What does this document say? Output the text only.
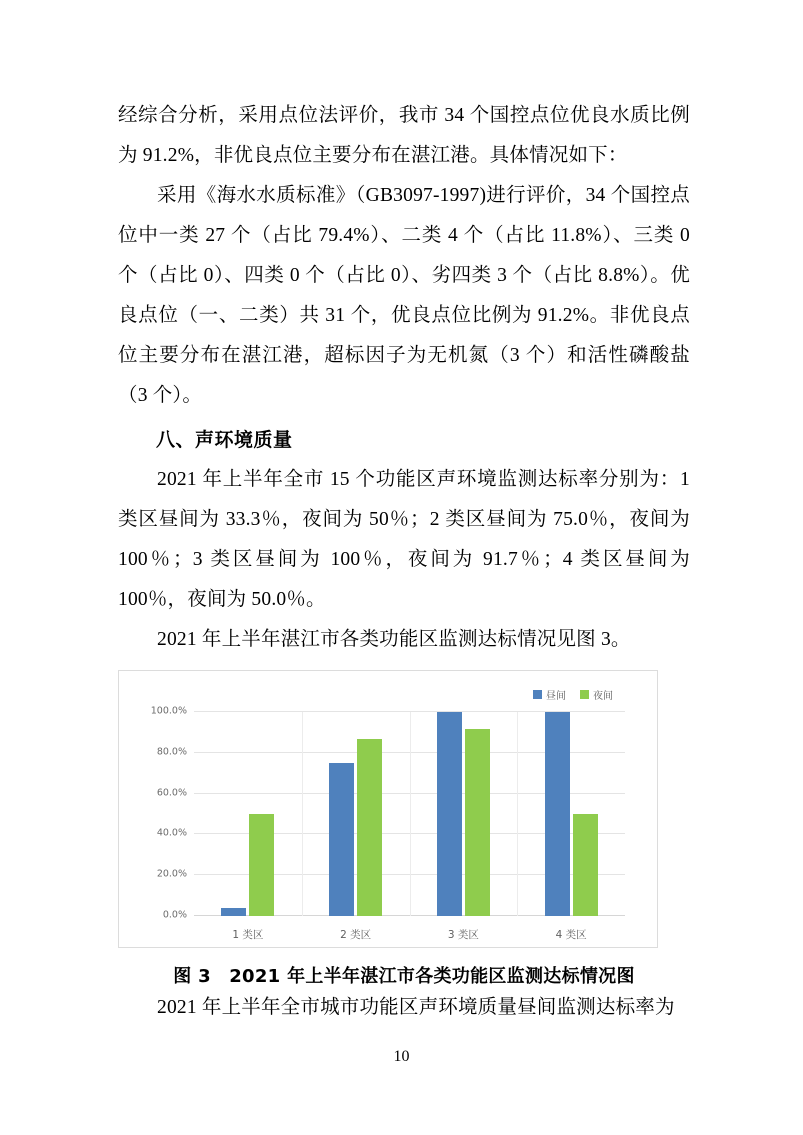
经综合分析，采用点位法评价，我市 34 个国控点位优良水质比例为 91.2%，非优良点位主要分布在湛江港。具体情况如下：

采用《海水水质标准》（GB3097-1997)进行评价，34 个国控点位中一类 27 个（占比 79.4%）、二类 4 个（占比 11.8%）、三类 0 个（占比 0）、四类 0 个（占比 0）、劣四类 3 个（占比 8.8%）。优良点位（一、二类）共 31 个，优良点位比例为 91.2%。非优良点位主要分布在湛江港，超标因子为无机氮（3 个）和活性磷酸盐（3 个）。

八、声环境质量

2021 年上半年全市 15 个功能区声环境监测达标率分别为：1 类区昼间为 33.3％，夜间为 50％；2 类区昼间为 75.0％，夜间为 100％；3 类区昼间为 100％，夜间为 91.7％；4 类区昼间为 100％，夜间为 50.0％。

2021 年上半年湛江市各类功能区监测达标情况见图 3。

昼间	夜间
100.0%
80.0%
60.0%
40.0%
20.0%
0.0%
1 类区	2 类区	3 类区	4 类区

图 3　2021 年上半年湛江市各类功能区监测达标情况图

2021 年上半年全市城市功能区声环境质量昼间监测达标率为

10
